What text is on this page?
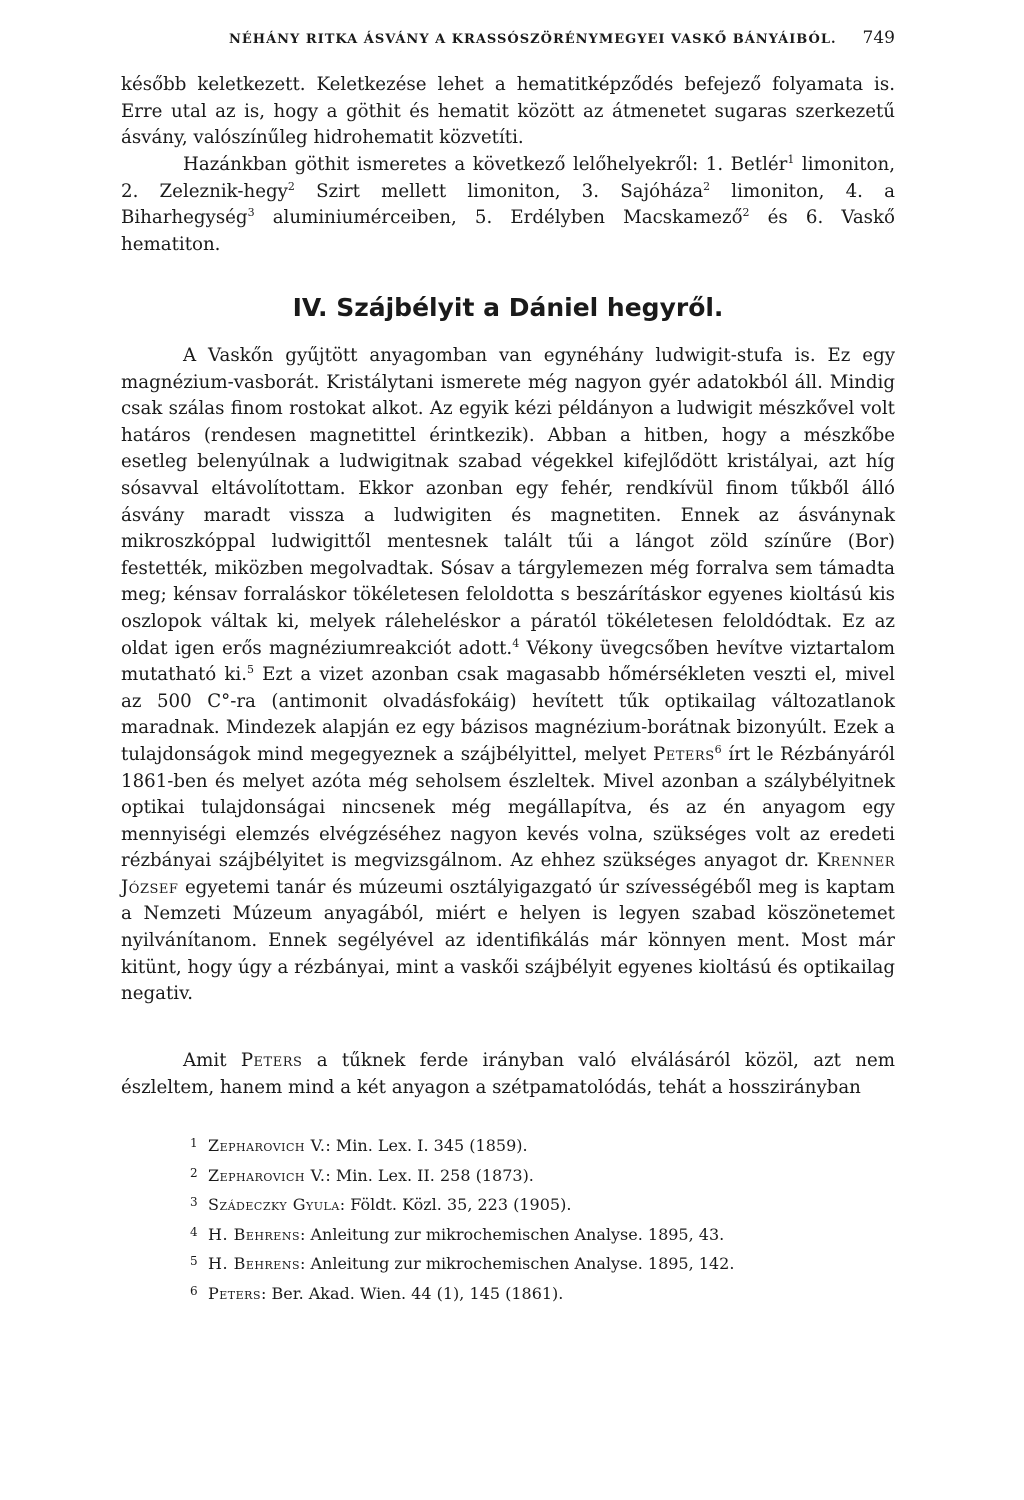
NÉHÁNY RITKA ÁSVÁNY A KRASSÓSZÖRÉNYMEGYEI VASKŐ BÁNYÁIBÓL.	749

később keletkezett. Keletkezése lehet a hematitképződés befejező folyamata is. Erre utal az is, hogy a göthit és hematit között az átmenetet sugaras szerkezetű ásvány, valószínűleg hidrohematit közvetíti.

Hazánkban göthit ismeretes a következő lelőhelyekről: 1. Betlér$^1$ limoniton, 2. Zeleznik-hegy$^2$ Szirt mellett limoniton, 3. Sajóháza$^2$ limoniton, 4. a Biharhegység$^3$ aluminiumérceiben, 5. Erdélyben Macskamező$^2$ és 6. Vaskő hematiton.

IV. Szájbélyit a Dániel hegyről.

A Vaskőn gyűjtött anyagomban van egynéhány ludwigit-stufa is. Ez egy magnézium-vasborát. Kristálytani ismerete még nagyon gyér adatokból áll. Mindig csak szálas finom rostokat alkot. Az egyik kézi példányon a ludwigit mészkővel volt határos (rendesen magnetittel érintkezik). Abban a hitben, hogy a mészkőbe esetleg belenyúlnak a ludwigitnak szabad végekkel kifejlődött kristályai, azt híg sósavval eltávolítottam. Ekkor azonban egy fehér, rendkívül finom tűkből álló ásvány maradt vissza a ludwigiten és magnetiten. Ennek az ásványnak mikroszkóppal ludwigittől mentesnek talált tűi a lángot zöld színűre (Bor) festették, miközben megolvadtak. Sósav a tárgylemezen még forralva sem támadta meg; kénsav forraláskor tökéletesen feloldotta s beszárításkor egyenes kioltású kis oszlopok váltak ki, melyek ráleheléskor a páratól tökéletesen feloldódtak. Ez az oldat igen erős magnéziumreakciót adott.$^4$ Vékony üvegcsőben hevítve viztartalom mutatható ki.$^5$ Ezt a vizet azonban csak magasabb hőmérsékleten veszti el, mivel az 500 C°-ra (antimonit olvadásfokáig) hevített tűk optikailag változatlanok maradnak. Mindezek alapján ez egy bázisos magnézium-borátnak bizonyúlt. Ezek a tulajdonságok mind megegyeznek a szájbélyittel, melyet Peters$^6$ írt le Rézbányáról 1861-ben és melyet azóta még seholsem észleltek. Mivel azonban a szálybélyitnek optikai tulajdonságai nincsenek még megállapítva, és az én anyagom egy mennyiségi elemzés elvégzéséhez nagyon kevés volna, szükséges volt az eredeti rézbányai szájbélyitet is megvizsgálnom. Az ehhez szükséges anyagot dr. Krenner József egyetemi tanár és múzeumi osztályigazgató úr szívességéből meg is kaptam a Nemzeti Múzeum anyagából, miért e helyen is legyen szabad köszönetemet nyilvánítanom. Ennek segélyével az identifikálás már könnyen ment. Most már kitünt, hogy úgy a rézbányai, mint a vaskői szájbélyit egyenes kioltású és optikailag negativ.

Amit Peters a tűknek ferde irányban való elválásáról közöl, azt nem észleltem, hanem mind a két anyagon a szétpamatolódás, tehát a hosszirányban

1 Zepharovich V.: Min. Lex. I. 345 (1859).
2 Zepharovich V.: Min. Lex. II. 258 (1873).
3 Szádeczky Gyula: Földt. Közl. 35, 223 (1905).
4 H. Behrens: Anleitung zur mikrochemischen Analyse. 1895, 43.
5 H. Behrens: Anleitung zur mikrochemischen Analyse. 1895, 142.
6 Peters: Ber. Akad. Wien. 44 (1), 145 (1861).
